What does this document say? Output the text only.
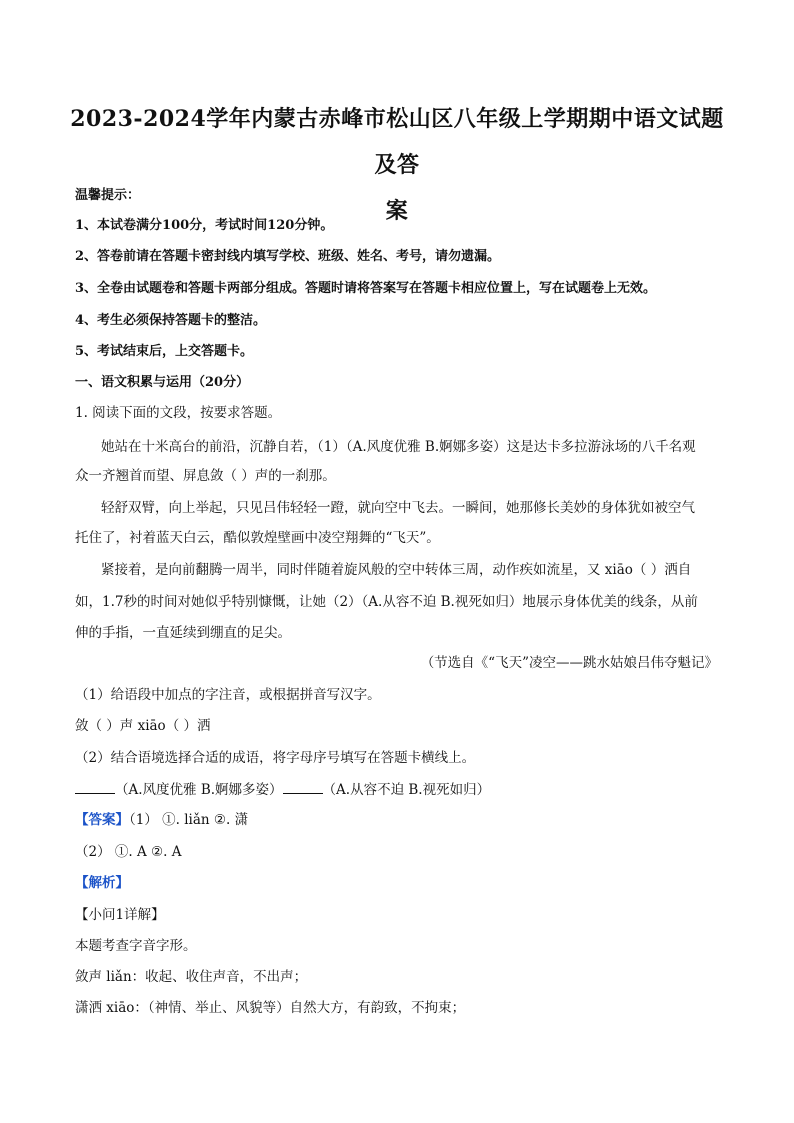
2023-2024学年内蒙古赤峰市松山区八年级上学期期中语文试题及答
案
温馨提示：
1、本试卷满分100分，考试时间120分钟。
2、答卷前请在答题卡密封线内填写学校、班级、姓名、考号，请勿遗漏。
3、全卷由试题卷和答题卡两部分组成。答题时请将答案写在答题卡相应位置上，写在试题卷上无效。
4、考生必须保持答题卡的整洁。
5、考试结束后，上交答题卡。
一、语文积累与运用（20分）
1. 阅读下面的文段，按要求答题。
她站在十米高台的前沿，沉静自若，（1）（A.风度优雅 B.婀娜多姿）这是达卡多拉游泳场的八千名观
众一齐翘首而望、屏息敛（ ）声的一刹那。
轻舒双臂，向上举起，只见吕伟轻轻一蹬，就向空中飞去。一瞬间，她那修长美妙的身体犹如被空气
托住了，衬着蓝天白云，酷似敦煌壁画中凌空翔舞的“飞天”。
紧接着，是向前翻腾一周半，同时伴随着旋风般的空中转体三周，动作疾如流星，又 xiāo（ ）洒自
如，1.7秒的时间对她似乎特别慷慨，让她（2）（A.从容不迫 B.视死如归）地展示身体优美的线条，从前
伸的手指，一直延续到绷直的足尖。
（节选自《“飞天”凌空——跳水姑娘吕伟夺魁记》
（1）给语段中加点的字注音，或根据拼音写汉字。
敛（ ）声 xiāo（ ）洒
（2）结合语境选择合适的成语，将字母序号填写在答题卡横线上。
（A.风度优雅 B.婀娜多姿）	（A.从容不迫 B.视死如归）
【答案】（1） ①. liǎn ②. 潇
（2） ①. A ②. A
【解析】
【小问1详解】
本题考查字音字形。
敛声 liǎn：收起、收住声音，不出声；
潇洒 xiāo：（神情、举止、风貌等）自然大方，有韵致，不拘束；
